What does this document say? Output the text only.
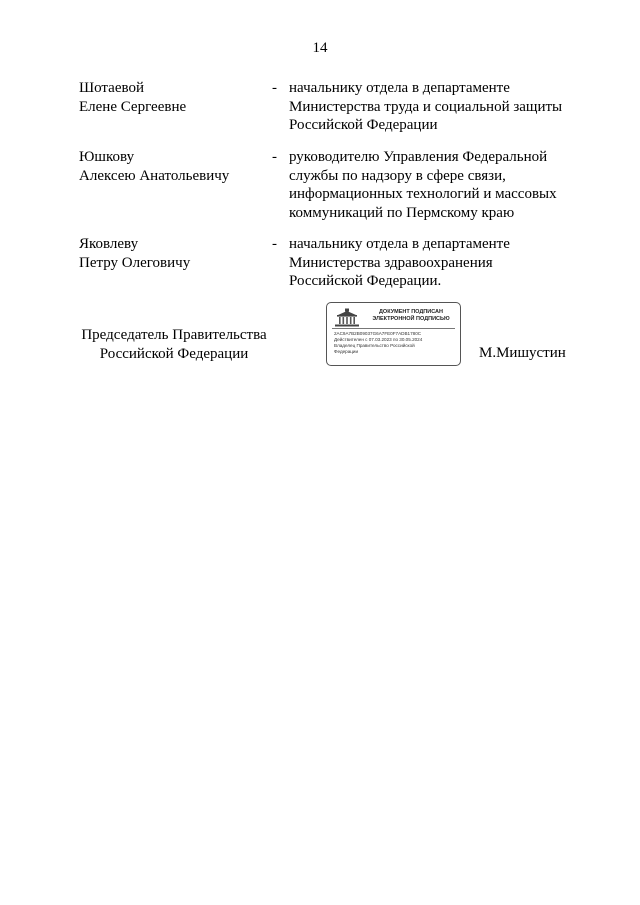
14
Шотаевой
Елене Сергеевне
- начальнику отдела в департаменте
Министерства труда и социальной защиты
Российской Федерации
Юшкову
Алексею Анатольевичу
- руководителю Управления Федеральной
службы по надзору в сфере связи,
информационных технологий и массовых
коммуникаций по Пермскому краю
Яковлеву
Петру Олеговичу
- начальнику отдела в департаменте
Министерства здравоохранения
Российской Федерации.
Председатель Правительства
Российской Федерации
ДОКУМЕНТ ПОДПИСАН
ЭЛЕКТРОННОЙ ПОДПИСЬЮ
2AC9A7B2B09037G6A7FE0F7ADB1780C
Действителен с 07.03.2023 по 30.05.2024
Владелец Правительство Российской
Федерации	М.Мишустин
